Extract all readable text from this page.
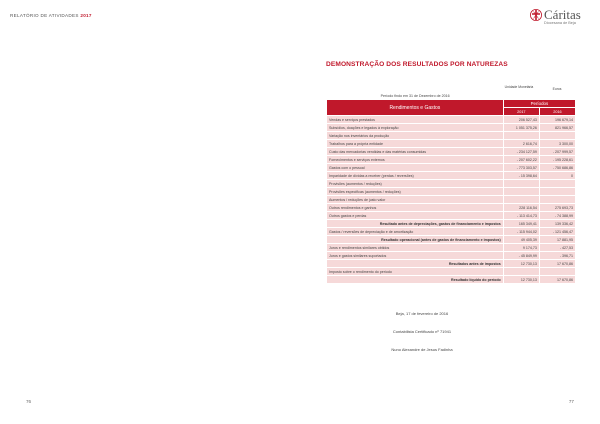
RELATÓRIO DE ATIVIDADES 2017	Cáritas
Diocesana de Beja
DEMONSTRAÇÃO DOS RESULTADOS POR NATUREZAS
Unidade Monetária	Euros
Período findo em 31 de Dezembro de 2016		
Rendimentos e Gastos	Períodos	
	2017	2016
Vendas e serviços prestados	206 527,43	196 679,14
Subsídios, doações e legados à exploração	1 051 375,26	821 966,57
Variação nos inventários da produção		
Trabalhos para a própria entidade	2 616,74	3 300,00
Custo das mercadorias vendidas e das matérias consumidas	- 234 127,59	- 207 999,57
Fornecimentos e serviços externos	- 207 602,22	- 195 228,61
Gastos com o pessoal	- 773 303,57	- 750 686,86
Imparidade de dívidas a receber (perdas / reversões)	- 15 398,64	0
Provisões (aumentos / reduções)		
Provisões específicas (aumentos / reduções)		
Aumentos / reduções de justo valor		
Outros rendimentos e ganhos	228 116,54	275 693,73
Outros gastos e perdas	- 113 414,73	- 74 388,99
Resultado antes de depreciações, gastos de financiamento e impostos	165 349,41	139 336,42
Gastos / reversões de depreciação e de amortização	- 115 944,02	- 121 456,47
Resultado operacional (antes de gastos de financiamento e impostos)	49 405,39	17 881,95
Juros e rendimentos similares obtidos	9 174,73	- 427,53
Juros e gastos similares suportados	- 45 849,99	- 396,71
Resultados antes de impostos	12 730,13	17 670,86
Imposto sobre o rendimento do período		
Resultado líquido do período	12 730,13	17 670,86
Beja, 17 de fevereiro de 2016
Contabilista Certificado nº 71941
Nuno Alexandre de Jesus Fadinha
76	77
